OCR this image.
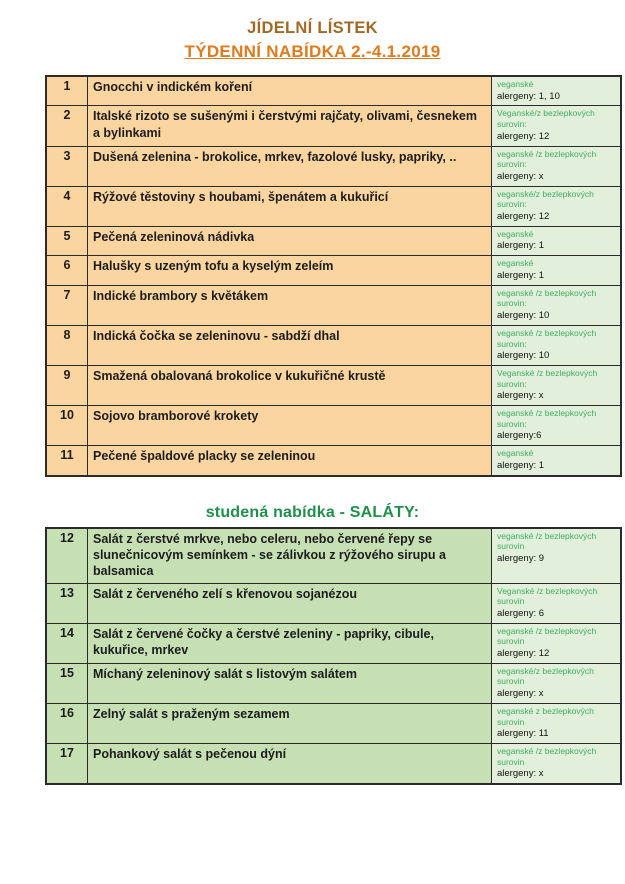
JÍDELNÍ LÍSTEK
TÝDENNÍ NABÍDKA 2.-4.1.2019
1	Gnocchi v indickém koření	veganské
alergeny: 1, 10

2	Italské rizoto se sušenými i čerstvými rajčaty, olivami, česnekem a bylinkami	Veganské/z bezlepkových surovin:
alergeny: 12

3	Dušená zelenina - brokolice, mrkev, fazolové lusky, papriky, ..	veganské /z bezlepkových surovin:
alergeny: x

4	Rýžové těstoviny s houbami, špenátem a kukuřicí	veganské/z bezlepkových surovin:
alergeny: 12

5	Pečená zeleninová nádivka	veganské
alergeny: 1

6	Halušky s uzeným tofu a kyselým zeleím	veganské
alergeny: 1

7	Indické brambory s květákem	veganské /z bezlepkových surovin:
alergeny: 10

8	Indická čočka se zeleninovu - sabdží dhal	veganské /z bezlepkových surovin:
alergeny: 10

9	Smažená obalovaná brokolice v kukuřičné krustě	Veganské /z bezlepkových surovin:
alergeny: x

10	Sojovo bramborové krokety	veganské /z bezlepkových surovin:
alergeny:6

11	Pečené špaldové placky se zeleninou	veganské
alergeny: 1
studená nabídka - SALÁTY:
12	Salát z čerstvé mrkve, nebo celeru, nebo červené řepy se slunečnicovým semínkem - se zálivkou z rýžového sirupu a balsamica	veganské /z bezlepkových surovin
alergeny: 9

13	Salát z červeného zelí s křenovou sojanézou	Veganské /z bezlepkových surovin
alergeny: 6

14	Salát z červené čočky a čerstvé zeleniny - papriky, cibule, kukuřice, mrkev	veganské /z bezlepkových surovin
alergeny: 12

15	Míchaný zeleninový salát s listovým salátem	veganské/z bezlepkových surovin
alergeny: x

16	Zelný salát s praženým sezamem	veganské z bezlepkových surovin
alergeny: 11

17	Pohankový salát s pečenou dýní	veganské /z bezlepkových surovin
alergeny: x
